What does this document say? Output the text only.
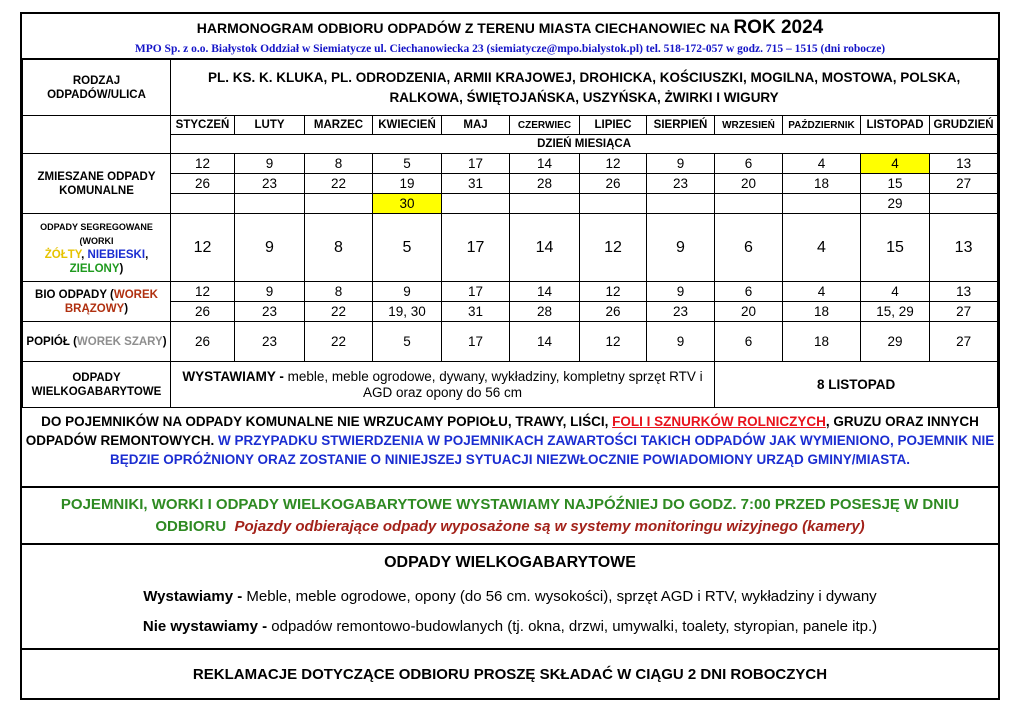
HARMONOGRAM ODBIORU ODPADÓW Z TERENU MIASTA CIECHANOWIEC NA ROK 2024
MPO Sp. z o.o. Białystok Oddział w Siemiatycze ul. Ciechanowiecka 23 (siemiatycze@mpo.bialystok.pl) tel. 518-172-057 w godz. 715 – 1515 (dni robocze)
RODZAJ ODPADÓW/ULICA	PL. KS. K. KLUKA, PL. ODRODZENIA, ARMII KRAJOWEJ, DROHICKA, KOŚCIUSZKI, MOGILNA, MOSTOWA, POLSKA, RALKOWA, ŚWIĘTOJAŃSKA, USZYŃSKA, ŻWIRKI I WIGURY											
	STYCZEŃ	LUTY	MARZEC	KWIECIEŃ	MAJ	CZERWIEC	LIPIEC	SIERPIEŃ	WRZESIEŃ	PAŹDZIERNIK	LISTOPAD	GRUDZIEŃ
	DZIEŃ MIESIĄCA											
ZMIESZANE ODPADY KOMUNALNE	12	9	8	5	17	14	12	9	6	4	4	13
	26	23	22	19	31	28	26	23	20	18	15	27
				30							29	
ODPADY SEGREGOWANE
(WORKI
ŻÓŁTY, NIEBIESKI,
ZIELONY)	12	9	8	5	17	14	12	9	6	4	15	13
BIO ODPADY (WOREK BRĄZOWY)	12	9	8	9	17	14	12	9	6	4	4	13
	26	23	22	19, 30	31	28	26	23	20	18	15, 29	27
POPIÓŁ (WOREK SZARY)	26	23	22	5	17	14	12	9	6	18	29	27
ODPADY WIELKOGABARYTOWE	WYSTAWIAMY - meble, meble ogrodowe, dywany, wykładziny, kompletny sprzęt RTV i AGD oraz opony do 56 cm								8 LISTOPAD			
DO POJEMNIKÓW NA ODPADY KOMUNALNE NIE WRZUCAMY POPIOŁU, TRAWY, LIŚCI, FOLI I SZNURKÓW ROLNICZYCH, GRUZU ORAZ INNYCH ODPADÓW REMONTOWYCH. W PRZYPADKU STWIERDZENIA W POJEMNIKACH ZAWARTOŚCI TAKICH ODPADÓW JAK WYMIENIONO, POJEMNIK NIE BĘDZIE OPRÓŻNIONY ORAZ ZOSTANIE O NINIEJSZEJ SYTUACJI NIEZWŁOCZNIE POWIADOMIONY URZĄD GMINY/MIASTA.
POJEMNIKI, WORKI I ODPADY WIELKOGABARYTOWE WYSTAWIAMY NAJPÓŹNIEJ DO GODZ. 7:00 PRZED POSESJĘ W DNIU ODBIORU Pojazdy odbierające odpady wyposażone są w systemy monitoringu wizyjnego (kamery)
ODPADY WIELKOGABARYTOWE
Wystawiamy - Meble, meble ogrodowe, opony (do 56 cm. wysokości), sprzęt AGD i RTV, wykładziny i dywany
Nie wystawiamy - odpadów remontowo-budowlanych (tj. okna, drzwi, umywalki, toalety, styropian, panele itp.)
REKLAMACJE DOTYCZĄCE ODBIORU PROSZĘ SKŁADAĆ W CIĄGU 2 DNI ROBOCZYCH
